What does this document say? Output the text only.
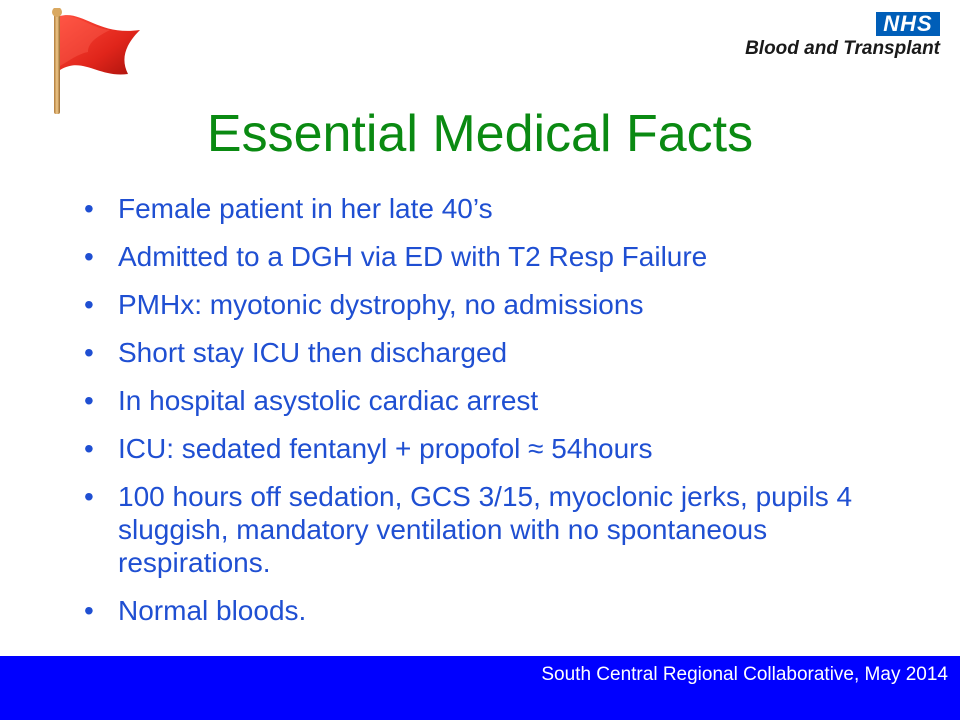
NHS
Blood and Transplant
Essential Medical Facts
• Female patient in her late 40’s
• Admitted to a DGH via ED with T2 Resp Failure
• PMHx: myotonic dystrophy, no admissions
• Short stay ICU then discharged
• In hospital asystolic cardiac arrest
• ICU: sedated fentanyl + propofol ≈ 54hours
• 100 hours off sedation, GCS 3/15, myoclonic jerks, pupils 4 sluggish, mandatory ventilation with no spontaneous respirations.
• Normal bloods.
South Central Regional Collaborative, May 2014
